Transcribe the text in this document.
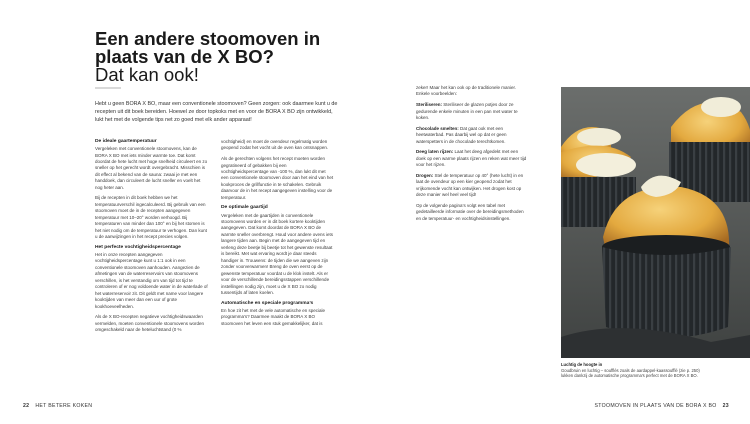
Een andere stoomoven in plaats van de X BO?
Dat kan ook!
Hebt u geen BORA X BO, maar een conventionele stoomoven? Geen zorgen: ook daarmee kunt u de recepten uit dit boek bereiden. Hoewel ze door topkoks met en voor de BORA X BO zijn ontwikkeld, lukt het met de volgende tips net zo goed met elk ander apparaat!
De ideale gaartemperatuur

Vergeleken met conventionele stoomovens, kan de BORA X BO met iets minder warmte toe. Dat komt doordat de hete lucht met hoge snelheid circuleert en zo sneller op het gerecht wordt overgebracht. Misschien is dit effect al bekend van de sauna: zwaai je met een handdoek, dan circuleert de lucht sneller en voelt het nog heter aan.

Bij de recepten in dit boek hebben we het temperatuurverschil ingecalculeerd. Bij gebruik van een stoomoven moet de in de recepten aangegeven temperatuur met 10–20° worden verhoogd. Bij temperaturen van minder dan 100° en bij het stomen is het niet nodig om de temperatuur te verhogen. Dan kunt u de aanwijzingen in het recept precies volgen.

Het perfecte vochtigheidspercentage

Het in onze recepten aangegeven vochtigheidspercentage kunt u 1:1 ook in een conventionele stoomoven aanhouden. Aangezien de afmetingen van de waterreservoirs van stoomovens verschillen, is het verstandig om van tijd tot tijd te controleren of er nog voldoende water in de waterlade of het waterreservoir zit. Dit geldt met name voor langere kooktijden van meer dan een uur of grote kookhoeveelheden.

Als de X BO-recepten negatieve vochtigheidswaarden vermelden, moeten conventionele stoomovens worden omgeschakeld naar de heteluchtstand (0 %

vochtigheid) en moet de ovendeur regelmatig worden geopend zodat het vocht uit de oven kan ontsnappen.

Als de gerechten volgens het recept moeten worden gegratineerd of gebakken bij een vochtigheidspercentage van -100 %, dan lukt dit met een conventionele stoomoven door aan het eind van het kookproces de grillfunctie in te schakelen. Gebruik daarvoor de in het recept aangegeven instelling voor de temperatuur.

De optimale gaartijd

Vergeleken met de gaartijden in conventionele stoomovens worden er in dit boek kortere kooktijden aangegeven. Dat komt doordat de BORA X BO de warmte sneller overbrengt. Houd voor andere ovens iets langere tijden aan. Begin met de aangegeven tijd en verleng deze beetje bij beetje tot het gewenste resultaat is bereikt. Met wat ervaring wordt je daar steeds handiger in. Trouwens: de tijden die we aangeven zijn zonder voorverwarmen! Breng de oven eerst op de gewenste temperatuur voordat u de klok instelt. Als er voor de verschillende bereidingsstappen verschillende instellingen nodig zijn, moet u de X BO zo nodig tussentijds af laten koelen.

Automatische en speciale programma’s

En hoe zit het met de vele automatische en speciale programma’s? Daarmee maakt de BORA X BO stoomoven het leven een stuk gemakkelijker, dat is

zeker! Maar het kan ook op de traditionele manier. Enkele voorbeelden:

Steriliseren: Steriliseer de glazen potjes door ze gedurende enkele minuten in een pan met water te koken.

Chocolade smelten: Dat gaat ook met een heetwaterbad. Pas daarbij wel op dat er geen waterspetters in de chocolade terechtkomen.

Deeg laten rijzen: Laat het deeg afgedekt met een doek op een warme plaats rijzen en reken wat meer tijd voor het rijzen.

Drogen: Stel de temperatuur op 40° (hete lucht) in en laat de ovendeur op een kier geopend zodat het vrijkomende vocht kan ontwijken. Het drogen kost op deze manier wel heel veel tijd!

Op de volgende pagina’s volgt een tabel met gedetailleerde informatie over de bereidingsmethoden en de temperatuur- en vochtigheidsinstellingen.

Luchtig de hoogte in
Goudbruin en luchtig – soufflés zoals de aardappel-kaassoufflé (zie p. 250) lukken dankzij de automatische programma’s perfect met de BORA X BO.
22 HET BETERE KOKEN	STOOMOVEN IN PLAATS VAN DE BORA X BO 23
